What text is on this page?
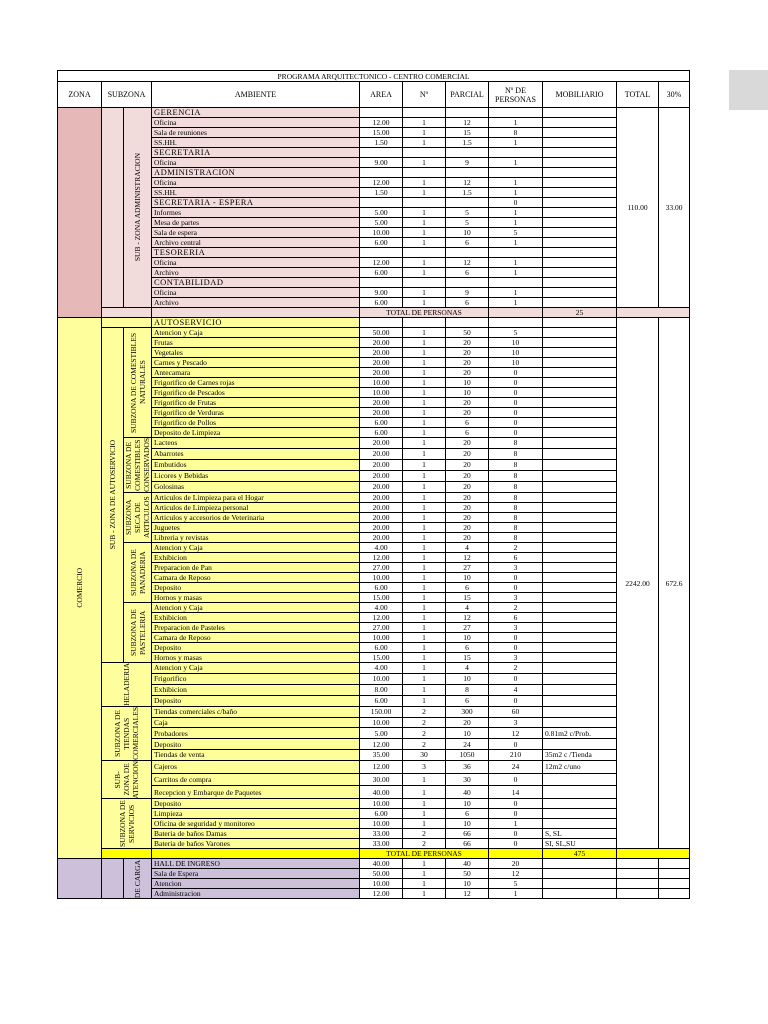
PROGRAMA ARQUITECTONICO - CENTRO COMERCIAL										
ZONA	SUBZONA		AMBIENTE	AREA	Nº	PARCIAL	Nº DE PERSONAS	MOBILIARIO	TOTAL	30%

		SUB - ZONA ADMINISTRACION	GERENCIA						110.00	33.00
			Oficina	12.00	1	12	1			
			Sala de reuniones	15.00	1	15	8			
			SS.HH.	1.50	1	1.5	1			
			SECRETARIA							
			Oficina	9.00	1	9	1			
			ADMINISTRACION							
			Oficina	12.00	1	12	1			
			SS.HH.	1.50	1	1.5	1			
			SECRETARIA - ESPERA				0			
			Informes	5.00	1	5	1			
			Mesa de partes	5.00	1	5	1			
			Sala de espera	10.00	1	10	5			
			Archivo central	6.00	1	6	1			
			TESORERIA							
			Oficina	12.00	1	12	1			
			Archivo	6.00	1	6	1			
			CONTABILIDAD							
			Oficina	9.00	1	9	1			
			Archivo	6.00	1	6	1			
				TOTAL DE PERSONAS				25		

COMERCIO			AUTOSERVICIO						2242.00	672.6

	SUB - ZONA DE AUTOSERVICIO	SUBZONA DE COMESTIBLES NATURALES	Atencion y Caja	50.00	1	50	5			
			Frutas	20.00	1	20	10			
			Vegetales	20.00	1	20	10			
			Carnes y Pescado	20.00	1	20	10			
			Antecamara	20.00	1	20	0			
			Frigorifico de Carnes rojas	10.00	1	10	0			
			Frigorifico de Pescados	10.00	1	10	0			
			Frigorifico de Frutas	20.00	1	20	0			
			Frigorifico de Verduras	20.00	1	20	0			
			Frigorifico de Pollos	6.00	1	6	0			
			Deposito de Limpieza	6.00	1	6	0			

		SUBZONA DE COMESTIBLES CONSERVADOS	Lacteos	20.00	1	20	8			
			Abarrotes	20.00	1	20	8			
			Embutidos	20.00	1	20	8			
			Licores y Bebidas	20.00	1	20	8			
			Golosinas	20.00	1	20	8			

		SUBZONA SECA DE ARTICULOS	Articulos de Limpieza para el Hogar	20.00	1	20	8			
			Articulos de Limpieza personal	20.00	1	20	8			
			Articulos y accesorios de Veterinaria	20.00	1	20	8			
			Juguetes	20.00	1	20	8			
			Libreria y revistas	20.00	1	20	8			

		SUBZONA DE PANADERIA	Atencion y Caja	4.00	1	4	2			
			Exhibicion	12.00	1	12	6			
			Preparacion de Pan	27.00	1	27	3			
			Camara de Reposo	10.00	1	10	0			
			Deposito	6.00	1	6	0			
			Hornos y masas	15.00	1	15	3			

		SUBZONA DE PASTELERIA	Atencion y Caja	4.00	1	4	2			
			Exhibicion	12.00	1	12	6			
			Preparacion de Pasteles	27.00	1	27	3			
			Camara de Reposo	10.00	1	10	0			
			Deposito	6.00	1	6	0			
			Hornos y masas	15.00	1	15	3			

	HELADERIA		Atencion y Caja	4.00	1	4	2			
			Frigorifico	10.00	1	10	0			
			Exhibicion	8.00	1	8	4			
			Deposito	6.00	1	6	0			

	SUBZONA DE TIENDAS COMERCIALES		Tiendas comerciales c/baño	150.00	2	300	60			
			Caja	10.00	2	20	3			
			Probadores	5.00	2	10	12	0.81m2 c/Prob.		
			Deposito	12.00	2	24	0			
			Tiendas de venta	35.00	30	1050	210	35m2 c /Tienda		

	SUB-ZONA DE ATENCION		Cajeros	12.00	3	36	24	12m2 c/uno		
			Carritos de compra	30.00	1	30	0			
			Recepcion y Embarque de Paquetes	40.00	1	40	14			

	SUBZONA DE SERVICIOS		Deposito	10.00	1	10	0			
			Limpieza	6.00	1	6	0			
			Oficina de seguridad y monitoreo	10.00	1	10	1			
			Bateria de baños Damas	33.00	2	66	0	S, SL		
			Bateria de baños Varones	33.00	2	66	0	SI, SL,SU		
				TOTAL DE PERSONAS				475		

		DE CARGA	HALL DE INGRESO	40.00	1	40	20			
			Sala de Espera	50.00	1	50	12			
			Atencion	10.00	1	10	5			
			Administracion	12.00	1	12	1			
